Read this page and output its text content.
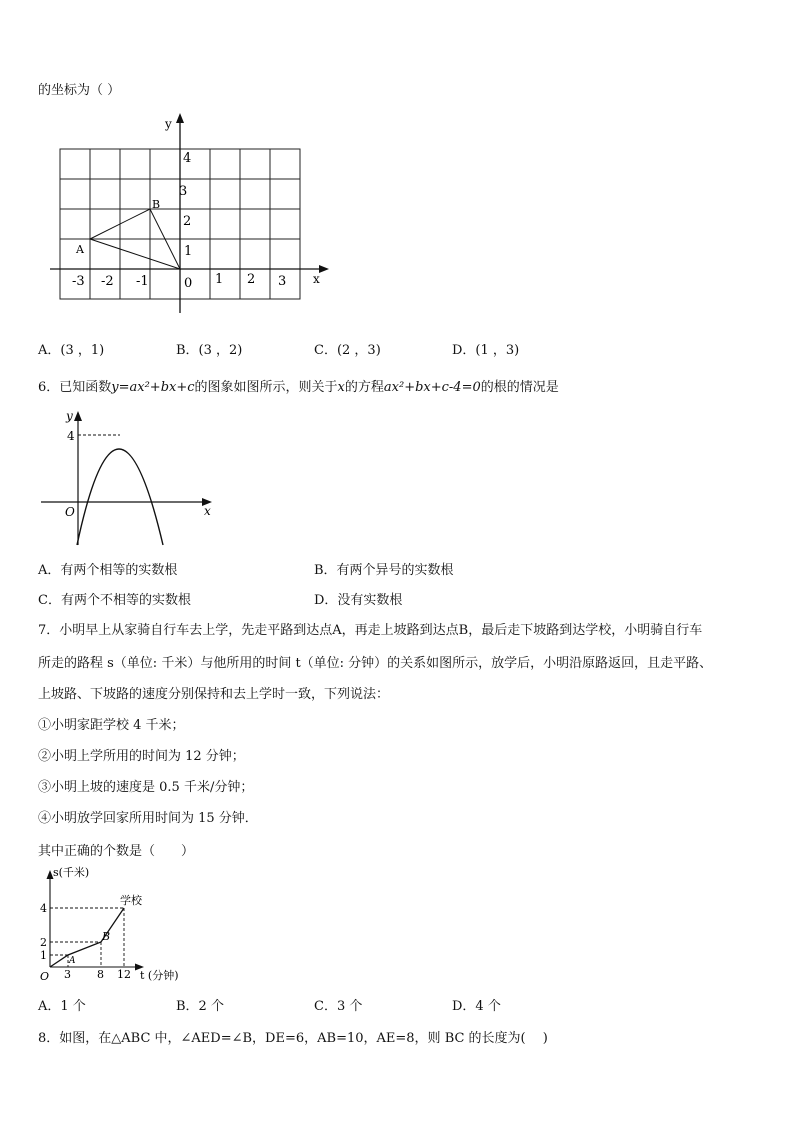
的坐标为（ ）
y
x
0
A
B
-3 -2 -1	1 2 3
1
2
3
4
A．(3 ，1)	B．(3 ，2)	C．(2 ，3)	D．(1 ，3)
6．已知函数y=ax²+bx+c的图象如图所示，则关于x的方程ax²+bx+c-4=0的根的情况是
y
x
O
4
A．有两个相等的实数根	B．有两个异号的实数根
C．有两个不相等的实数根	D．没有实数根
7．小明早上从家骑自行车去上学，先走平路到达点A，再走上坡路到达点B，最后走下坡路到达学校，小明骑自行车
所走的路程 s（单位: 千米）与他所用的时间 t（单位: 分钟）的关系如图所示，放学后，小明沿原路返回，且走平路、
上坡路、下坡路的速度分别保持和去上学时一致，下列说法：
①小明家距学校 4 千米；
②小明上学所用的时间为 12 分钟；
③小明上坡的速度是 0.5 千米/分钟；
④小明放学回家所用时间为 15 分钟．
其中正确的个数是（　　）
s(千米)
t (分钟)
O
学校
A
B
1
2
4
3 8 12
A．1 个	B．2 个	C．3 个	D．4 个
8．如图，在△ABC 中，∠AED=∠B，DE=6，AB=10，AE=8，则 BC 的长度为(　 )
